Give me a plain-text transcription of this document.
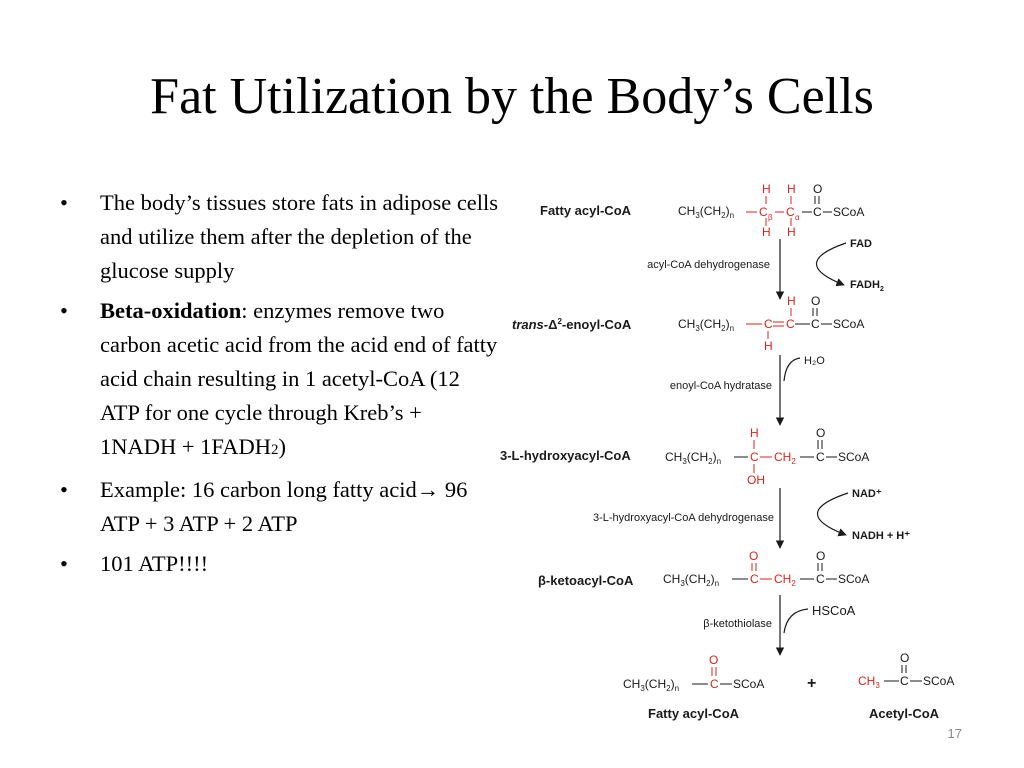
Fat Utilization by the Body’s Cells
• The body’s tissues store fats in adipose cells and utilize them after the depletion of the glucose supply
• Beta-oxidation: enzymes remove two carbon acetic acid from the acid end of fatty acid chain resulting in 1 acetyl-CoA (12 ATP for one cycle through Kreb’s + 1NADH + 1FADH2)
• Example: 16 carbon long fatty acid→ 96 ATP + 3 ATP + 2 ATP
• 101 ATP!!!!
Fatty acyl-CoA	$CH_3(CH_2)_n$ C β C α C SCoA
H H
H H
O
acyl-CoA dehydrogenase
FAD
$FADH_2$
trans-$\Delta^2-enoyl$-CoA	$CH_3(CH_2)_n$ C C C SCoA
H
H
O
enoyl-CoA hydratase
H₂O
3-L-hydroxyacyl-CoA	$CH_3(CH_2)_n$ C $CH_2$ C SCoA
H
OH
O
3-L-hydroxyacyl-CoA dehydrogenase
NAD⁺
NADH + H⁺
β-ketoacyl-CoA $CH_3(CH_2)_n$	C $CH_2$ C SCoA
O	O
β-ketothiolase
HSCoA
$CH_3(CH_2)_n$	C SCoA
O
Fatty acyl-CoA
+	$CH_3$ C SCoA
O
Acetyl-CoA
17
